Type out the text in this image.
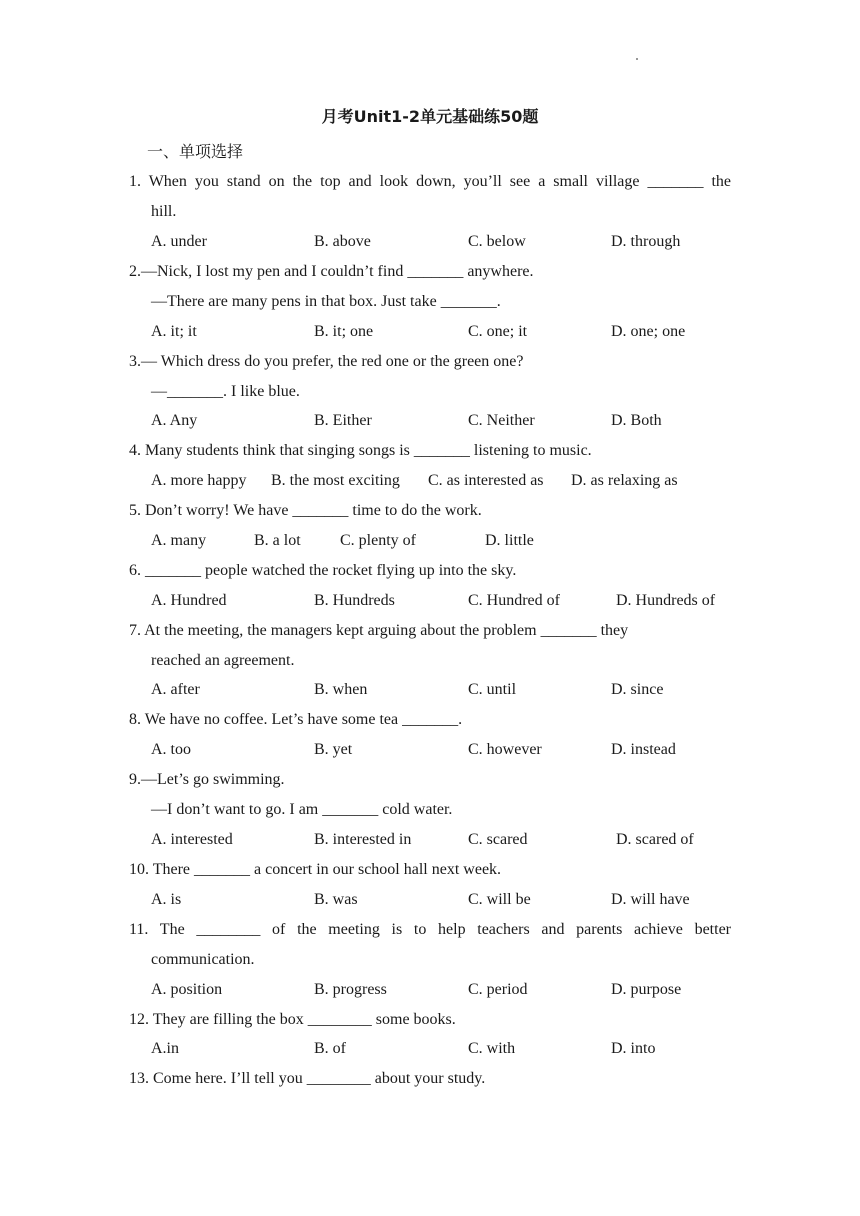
月考Unit1-2单元基础练50题
一、单项选择
1. When you stand on the top and look down, you’ll see a small village _______ the
hill.
A. under	B. above	C. below	D. through
2.—Nick, I lost my pen and I couldn’t find _______ anywhere.
—There are many pens in that box. Just take _______.
A. it; it	B. it; one	C. one; it	D. one; one
3.— Which dress do you prefer, the red one or the green one?
—_______. I like blue.
A. Any	B. Either	C. Neither	D. Both
4. Many students think that singing songs is _______ listening to music.
A. more happy B. the most exciting C. as interested as D. as relaxing as
5. Don’t worry! We have _______ time to do the work.
A. many	B. a lot C. plenty of	D. little
6. _______ people watched the rocket flying up into the sky.
A. Hundred	B. Hundreds	C. Hundred of	D. Hundreds of
7. At the meeting, the managers kept arguing about the problem _______ they
reached an agreement.
A. after	B. when	C. until	D. since
8. We have no coffee. Let’s have some tea _______.
A. too	B. yet	C. however	D. instead
9.—Let’s go swimming.
—I don’t want to go. I am _______ cold water.
A. interested	B. interested in	C. scared	D. scared of
10. There _______ a concert in our school hall next week.
A. is	B. was	C. will be	D. will have
11. The ________ of the meeting is to help teachers and parents achieve better
communication.
A. position	B. progress	C. period	D. purpose
12. They are filling the box ________ some books.
A.in	B. of	C. with	D. into
13. Come here. I’ll tell you ________ about your study.
